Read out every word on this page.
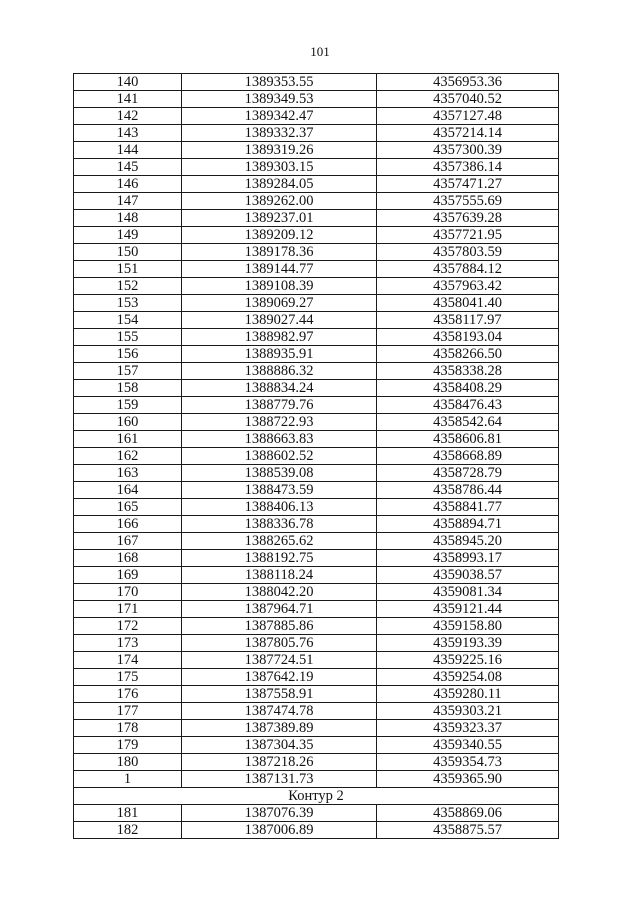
101
140	1389353.55	4356953.36
141	1389349.53	4357040.52
142	1389342.47	4357127.48
143	1389332.37	4357214.14
144	1389319.26	4357300.39
145	1389303.15	4357386.14
146	1389284.05	4357471.27
147	1389262.00	4357555.69
148	1389237.01	4357639.28
149	1389209.12	4357721.95
150	1389178.36	4357803.59
151	1389144.77	4357884.12
152	1389108.39	4357963.42
153	1389069.27	4358041.40
154	1389027.44	4358117.97
155	1388982.97	4358193.04
156	1388935.91	4358266.50
157	1388886.32	4358338.28
158	1388834.24	4358408.29
159	1388779.76	4358476.43
160	1388722.93	4358542.64
161	1388663.83	4358606.81
162	1388602.52	4358668.89
163	1388539.08	4358728.79
164	1388473.59	4358786.44
165	1388406.13	4358841.77
166	1388336.78	4358894.71
167	1388265.62	4358945.20
168	1388192.75	4358993.17
169	1388118.24	4359038.57
170	1388042.20	4359081.34
171	1387964.71	4359121.44
172	1387885.86	4359158.80
173	1387805.76	4359193.39
174	1387724.51	4359225.16
175	1387642.19	4359254.08
176	1387558.91	4359280.11
177	1387474.78	4359303.21
178	1387389.89	4359323.37
179	1387304.35	4359340.55
180	1387218.26	4359354.73
1	1387131.73	4359365.90
Контур 2		
181	1387076.39	4358869.06
182	1387006.89	4358875.57
